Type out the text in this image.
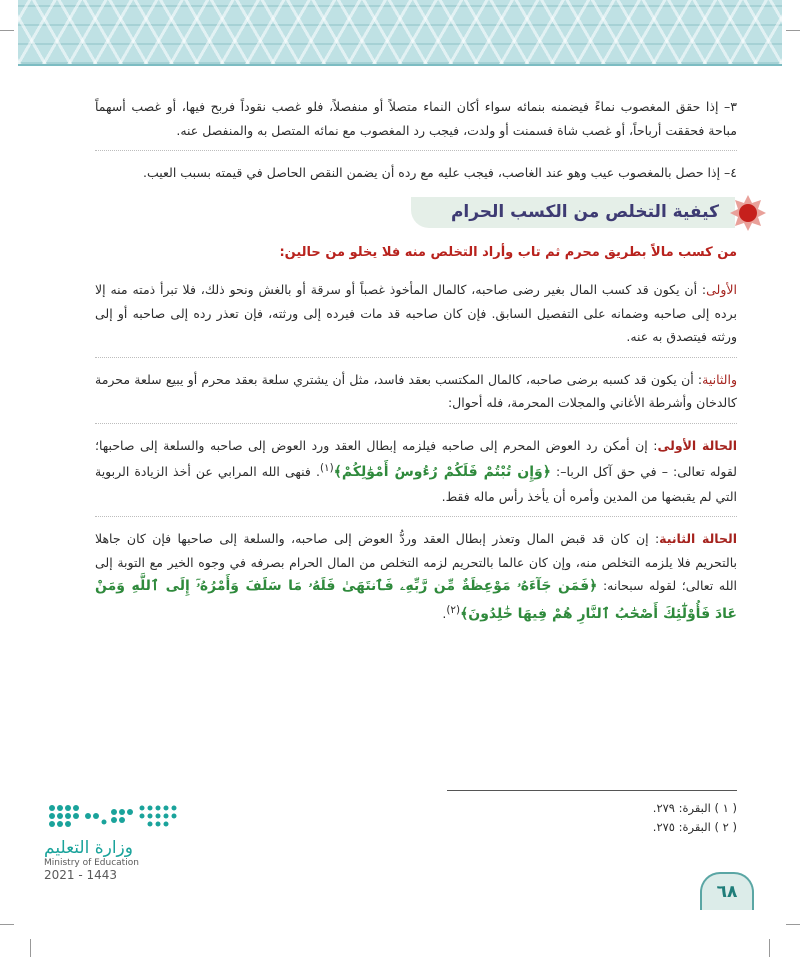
٣– إذا حقق المغصوب نماءً فيضمنه بنمائه سواء أكان النماء متصلاً أو منفصلاً، فلو غصب نقوداً فربح فيها، أو غصب أسهماً مباحة فحققت أرباحاً، أو غصب شاة فسمنت أو ولدت، فيجب رد المغصوب مع نمائه المتصل به والمنفصل عنه.

٤– إذا حصل بالمغصوب عيب وهو عند الغاصب، فيجب عليه مع رده أن يضمن النقص الحاصل في قيمته بسبب العيب.

كيفية التخلص من الكسب الحرام

من كسب مالاً بطريق محرم ثم تاب وأراد التخلص منه فلا يخلو من حالين:

الأولى: أن يكون قد كسب المال بغير رضى صاحبه، كالمال المأخوذ غصباً أو سرقة أو بالغش ونحو ذلك، فلا تبرأ ذمته منه إلا برده إلى صاحبه وضمانه على التفصيل السابق. فإن كان صاحبه قد مات فيرده إلى ورثته، فإن تعذر رده إلى صاحبه أو إلى ورثته فيتصدق به عنه.

والثانية: أن يكون قد كسبه برضى صاحبه، كالمال المكتسب بعقد فاسد، مثل أن يشتري سلعة بعقد محرم أو يبيع سلعة محرمة كالدخان وأشرطة الأغاني والمجلات المحرمة، فله أحوال:

الحالة الأولى: إن أمكن رد العوض المحرم إلى صاحبه فيلزمه إبطال العقد ورد العوض إلى صاحبه والسلعة إلى صاحبها؛ لقوله تعالى: – في حق آكل الربا–: ﴿وَإِن تُبْتُمْ فَلَكُمْ رُءُوسُ أَمْوَٰلِكُمْ﴾$^{(١)}$. فنهى الله المرابي عن أخذ الزيادة الربوية التي لم يقبضها من المدين وأمره أن يأخذ رأس ماله فقط.

الحالة الثانية: إن كان قد قبض المال وتعذر إبطال العقد وردُّ العوض إلى صاحبه، والسلعة إلى صاحبها فإن كان جاهلا بالتحريم فلا يلزمه التخلص منه، وإن كان عالما بالتحريم لزمه التخلص من المال الحرام بصرفه في وجوه الخير مع التوبة إلى الله تعالى؛ لقوله سبحانه: ﴿فَمَن جَآءَهُۥ مَوْعِظَةٌ مِّن رَّبِّهِۦ فَٱنتَهَىٰ فَلَهُۥ مَا سَلَفَ وَأَمْرُهُۥٓ إِلَى ٱللَّهِ وَمَنْ عَادَ فَأُوْلَٰٓئِكَ أَصْحَٰبُ ٱلنَّارِ هُمْ فِيهَا خَٰلِدُونَ﴾$^{(٢)}$.

( ١ ) البقرة: ٢٧٩.
( ٢ ) البقرة: ٢٧٥.
وزارة التعليم
Ministry of Education
2021 - 1443
٦٨
